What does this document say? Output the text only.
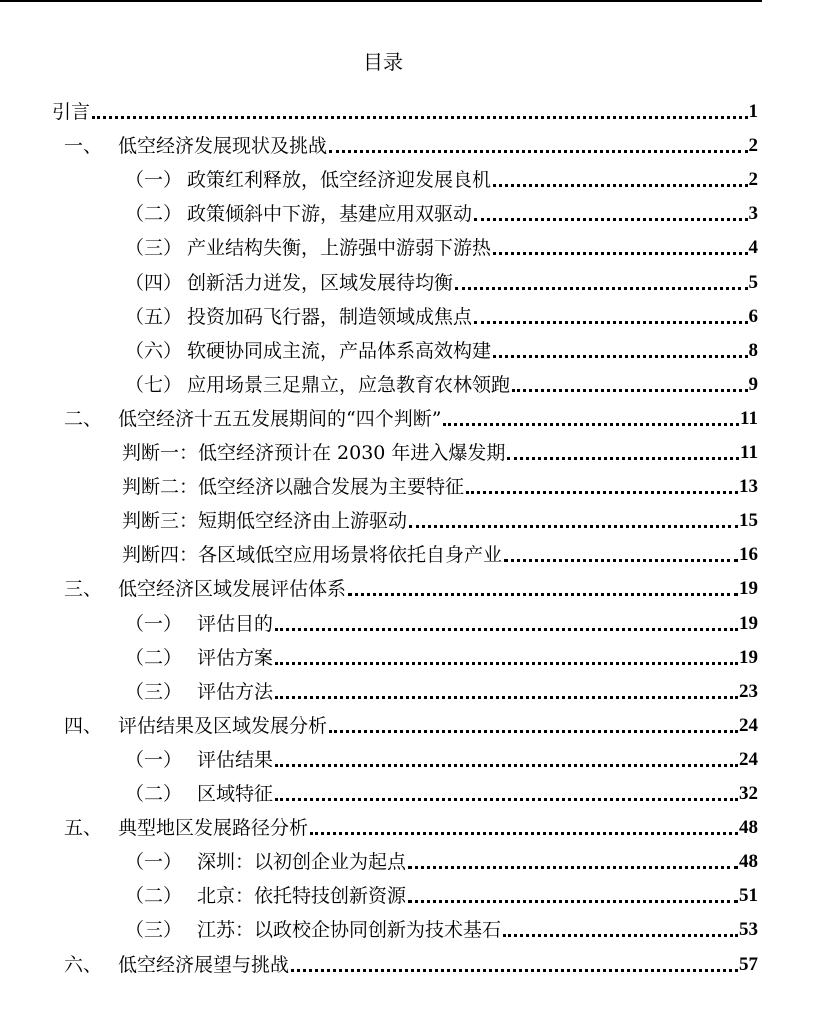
目录
引言	1
一、 低空经济发展现状及挑战	2
（一） 政策红利释放，低空经济迎发展良机	2
（二） 政策倾斜中下游，基建应用双驱动	3
（三） 产业结构失衡，上游强中游弱下游热	4
（四） 创新活力迸发，区域发展待均衡	5
（五） 投资加码飞行器，制造领域成焦点	6
（六） 软硬协同成主流，产品体系高效构建	8
（七） 应用场景三足鼎立，应急教育农林领跑	9
二、 低空经济十五五发展期间的“四个判断”	11
判断一：低空经济预计在 2030 年进入爆发期	11
判断二：低空经济以融合发展为主要特征	13
判断三：短期低空经济由上游驱动	15
判断四：各区域低空应用场景将依托自身产业	16
三、 低空经济区域发展评估体系	19
（一） 评估目的	19
（二） 评估方案	19
（三） 评估方法	23
四、 评估结果及区域发展分析	24
（一） 评估结果	24
（二） 区域特征	32
五、 典型地区发展路径分析	48
（一） 深圳：以初创企业为起点	48
（二） 北京：依托特技创新资源	51
（三） 江苏：以政校企协同创新为技术基石	53
六、 低空经济展望与挑战	57
